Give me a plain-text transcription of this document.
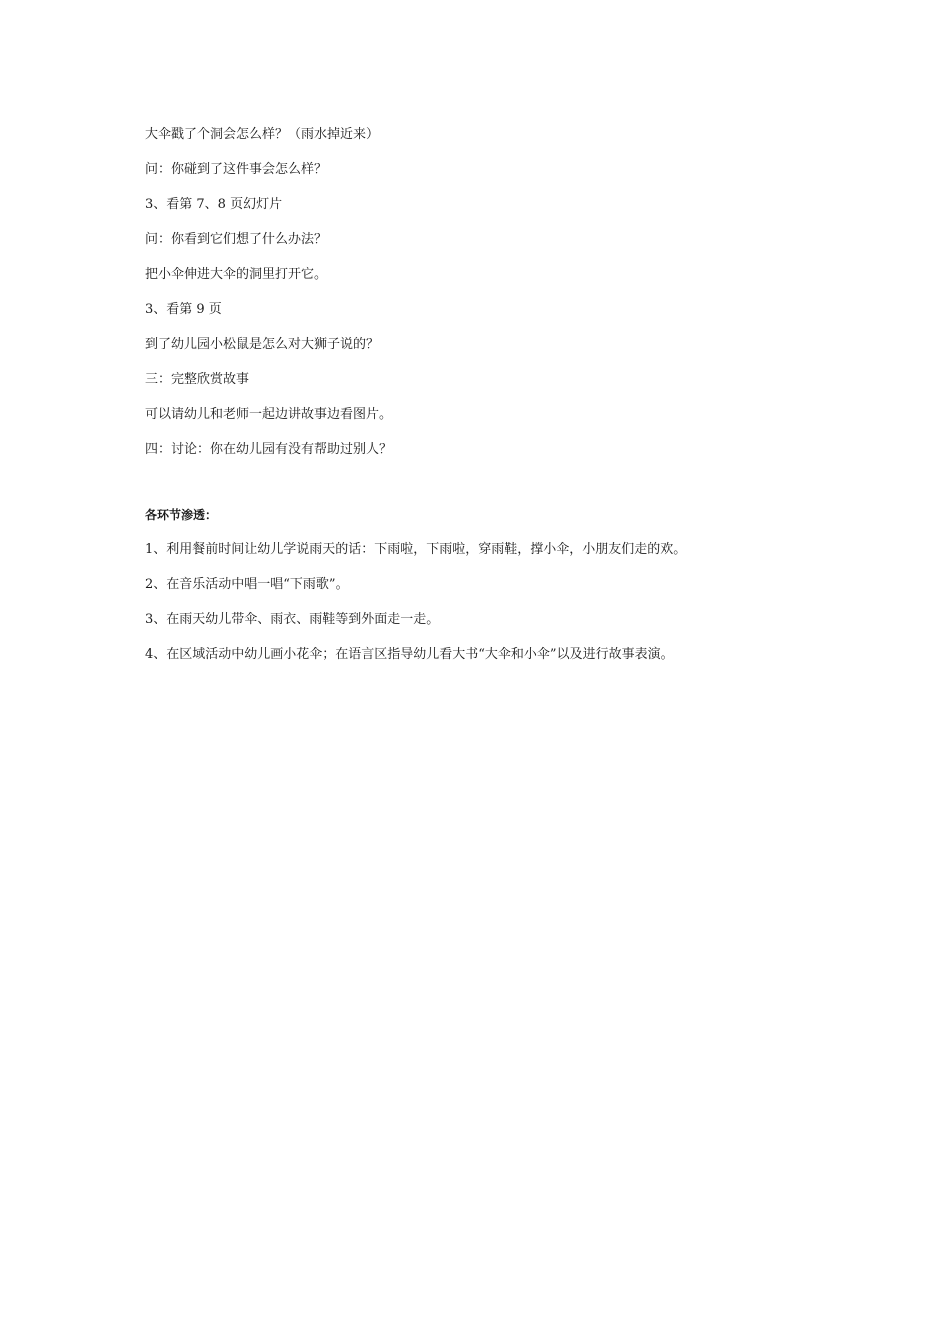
大伞戳了个洞会怎么样？（雨水掉近来）
问：你碰到了这件事会怎么样？
3、看第 7、8 页幻灯片
问：你看到它们想了什么办法？
把小伞伸进大伞的洞里打开它。
3、看第 9 页
到了幼儿园小松鼠是怎么对大狮子说的？
三：完整欣赏故事
可以请幼儿和老师一起边讲故事边看图片。
四：讨论：你在幼儿园有没有帮助过别人？
各环节渗透：
1、利用餐前时间让幼儿学说雨天的话：下雨啦，下雨啦，穿雨鞋，撑小伞，小朋友们走的欢。
2、在音乐活动中唱一唱“下雨歌”。
3、在雨天幼儿带伞、雨衣、雨鞋等到外面走一走。
4、在区域活动中幼儿画小花伞；在语言区指导幼儿看大书“大伞和小伞”以及进行故事表演。
